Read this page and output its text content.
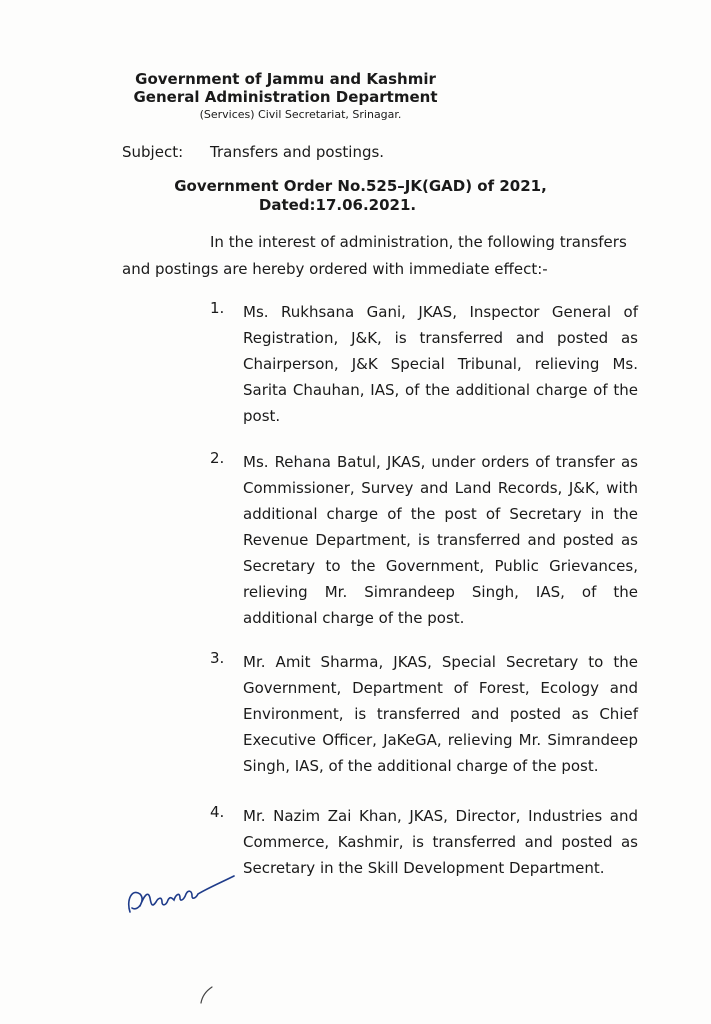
Government of Jammu and Kashmir
General Administration Department
(Services) Civil Secretariat, Srinagar.
Subject: Transfers and postings.
Government Order No.525–JK(GAD) of 2021,
Dated:17.06.2021.
In the interest of administration, the following transfers
and postings are hereby ordered with immediate effect:-
1.	Ms. Rukhsana Gani, JKAS, Inspector General of Registration, J&K, is transferred and posted as Chairperson, J&K Special Tribunal, relieving Ms. Sarita Chauhan, IAS, of the additional charge of the post.
2.	Ms. Rehana Batul, JKAS, under orders of transfer as Commissioner, Survey and Land Records, J&K, with additional charge of the post of Secretary in the Revenue Department, is transferred and posted as Secretary to the Government, Public Grievances, relieving Mr. Simrandeep Singh, IAS, of the additional charge of the post.
3.	Mr. Amit Sharma, JKAS, Special Secretary to the Government, Department of Forest, Ecology and Environment, is transferred and posted as Chief Executive Officer, JaKeGA, relieving Mr. Simrandeep Singh, IAS, of the additional charge of the post.
4.	Mr. Nazim Zai Khan, JKAS, Director, Industries and Commerce, Kashmir, is transferred and posted as Secretary in the Skill Development Department.
